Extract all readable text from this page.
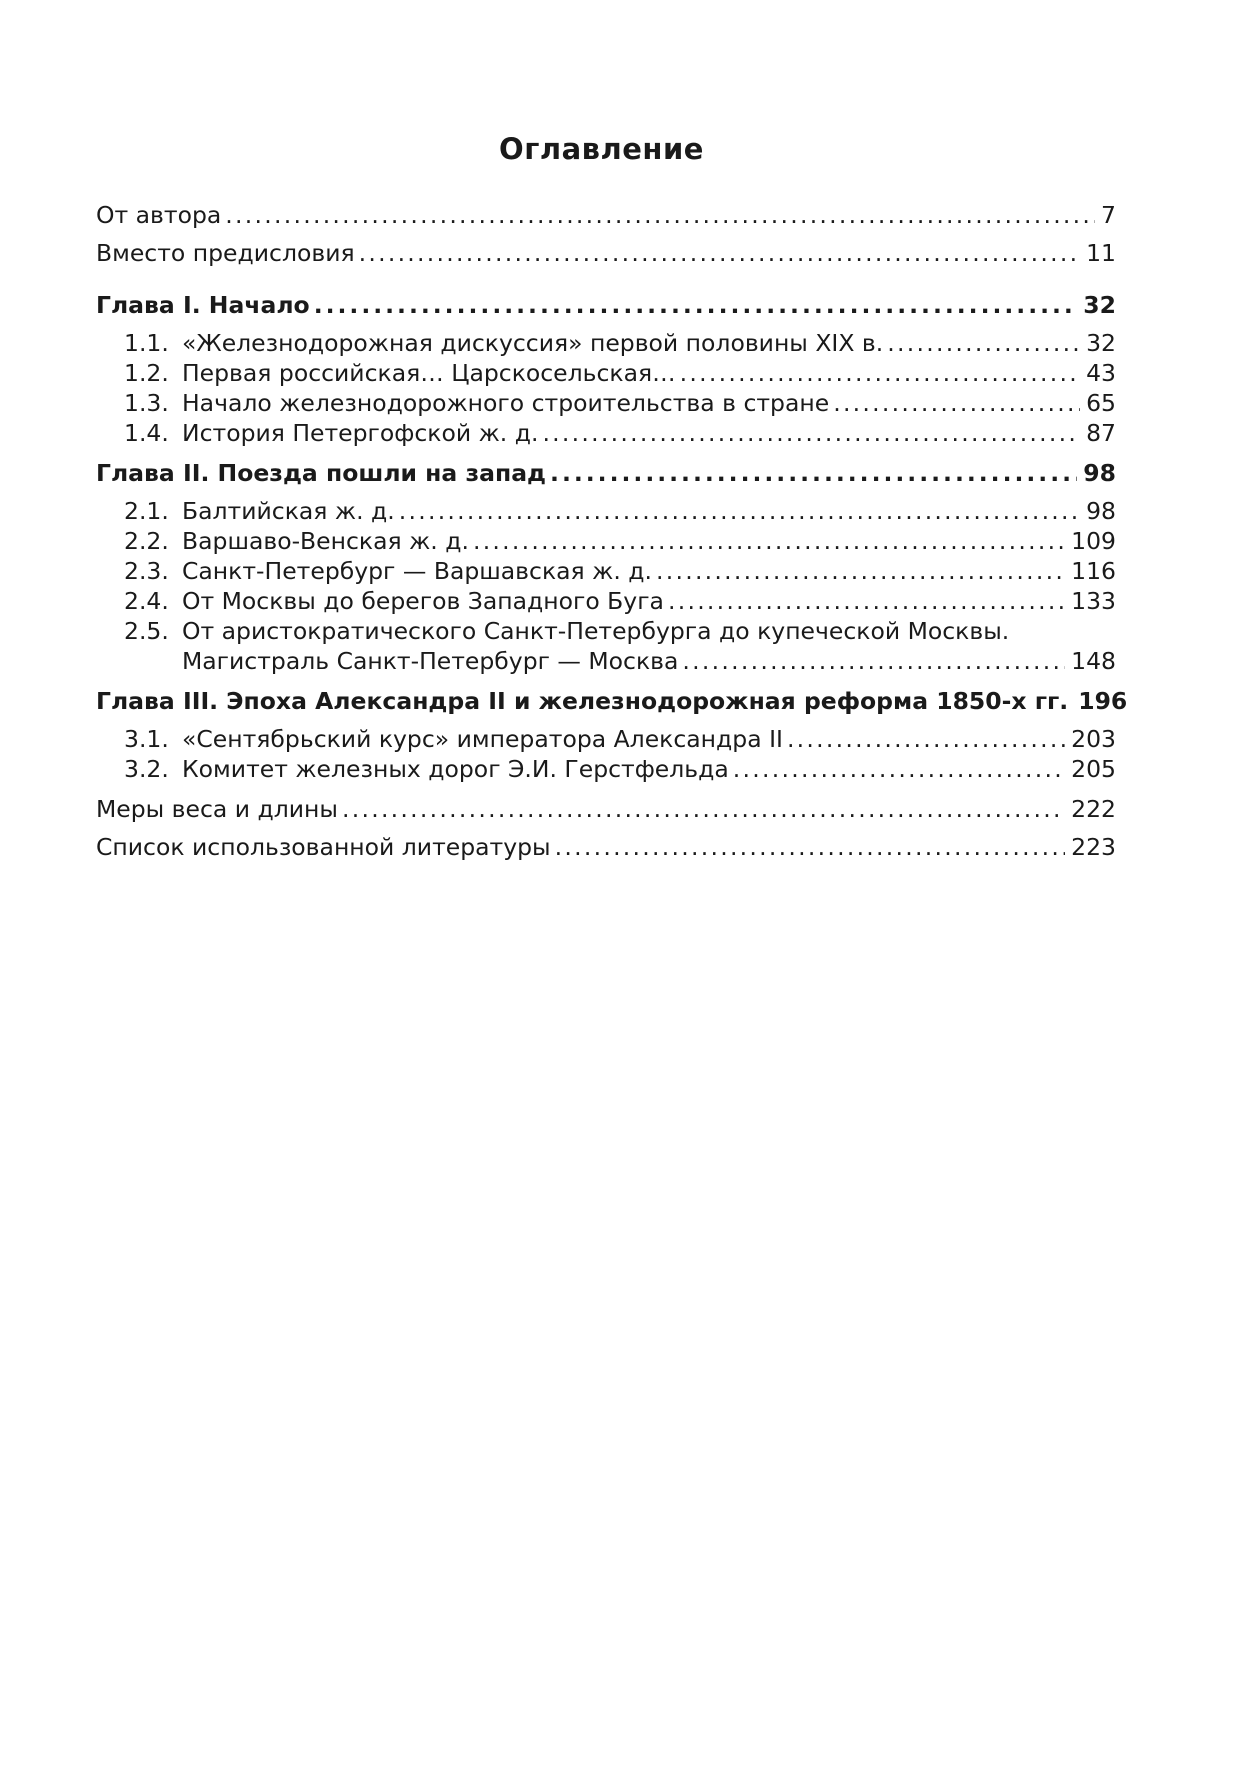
Оглавление
От автора . . .	7
Вместо предисловия . . .	11
Глава I. Начало . . .	32
1.1. «Железнодорожная дискуссия» первой половины XIX в. . . .	32
1.2. Первая российская… Царскосельская… . . .	43
1.3. Начало железнодорожного строительства в стране . . .	65
1.4. История Петергофской ж. д. . . .	87
Глава II. Поезда пошли на запад . . .	98
2.1. Балтийская ж. д. . . .	98
2.2. Варшаво-Венская ж. д. . . .	109
2.3. Санкт-Петербург — Варшавская ж. д. . . .	116
2.4. От Москвы до берегов Западного Буга . . .	133
2.5. От аристократического Санкт-Петербурга до купеческой Москвы.
Магистраль Санкт-Петербург — Москва . . .	148
Глава III. Эпоха Александра II и железнодорожная реформа 1850-х гг. 196
3.1. «Сентябрьский курс» императора Александра II . . .	203
3.2. Комитет железных дорог Э.И. Герстфельда . . .	205
Меры веса и длины . . .	222
Список использованной литературы . . .	223
